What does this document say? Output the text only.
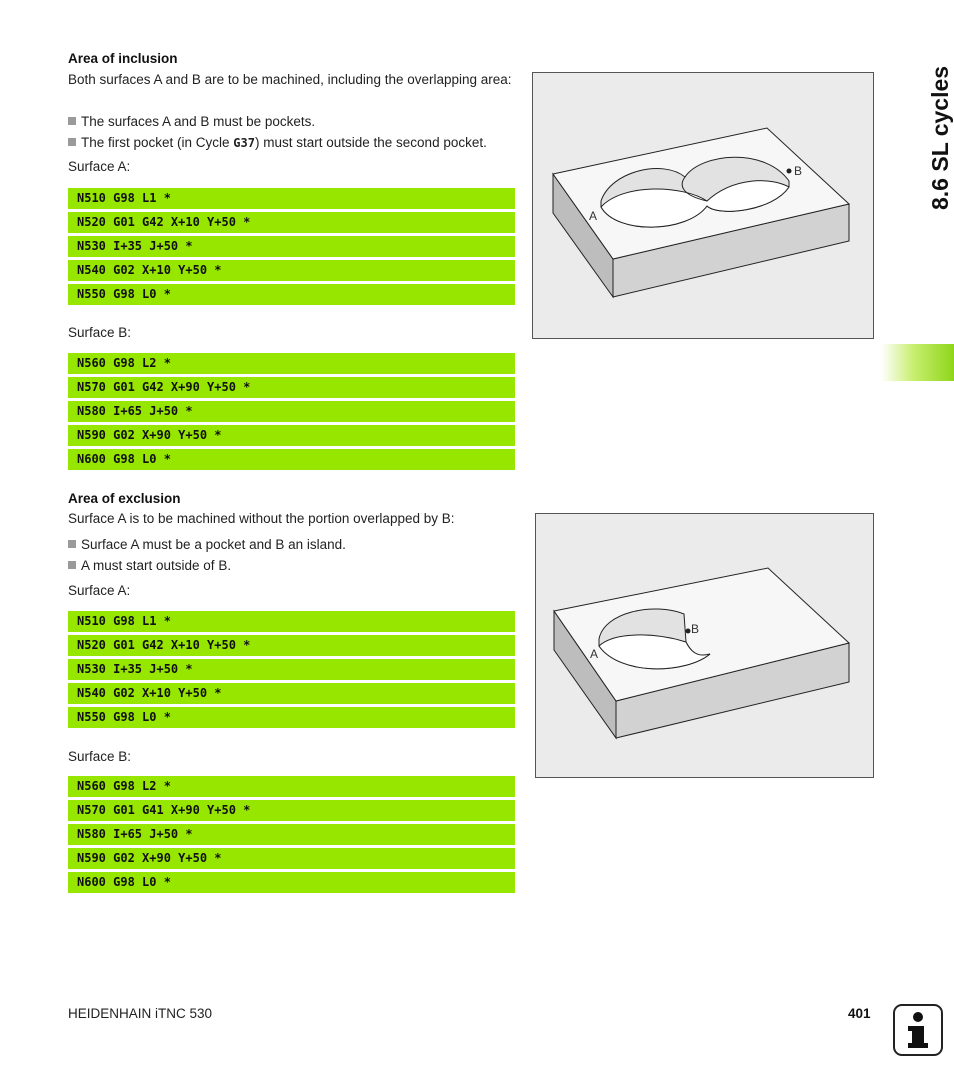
8.6 SL cycles
Area of inclusion
Both surfaces A and B are to be machined, including the overlapping area:
The surfaces A and B must be pockets.
The first pocket (in Cycle G37) must start outside the second pocket.
Surface A:
N510 G98 L1 *
N520 G01 G42 X+10 Y+50 *
N530 I+35 J+50 *
N540 G02 X+10 Y+50 *
N550 G98 L0 *
Surface B:
N560 G98 L2 *
N570 G01 G42 X+90 Y+50 *
N580 I+65 J+50 *
N590 G02 X+90 Y+50 *
N600 G98 L0 *
A
B
Area of exclusion
Surface A is to be machined without the portion overlapped by B:
Surface A must be a pocket and B an island.
A must start outside of B.
Surface A:
N510 G98 L1 *
N520 G01 G42 X+10 Y+50 *
N530 I+35 J+50 *
N540 G02 X+10 Y+50 *
N550 G98 L0 *
Surface B:
N560 G98 L2 *
N570 G01 G41 X+90 Y+50 *
N580 I+65 J+50 *
N590 G02 X+90 Y+50 *
N600 G98 L0 *
A
B
HEIDENHAIN iTNC 530	401
